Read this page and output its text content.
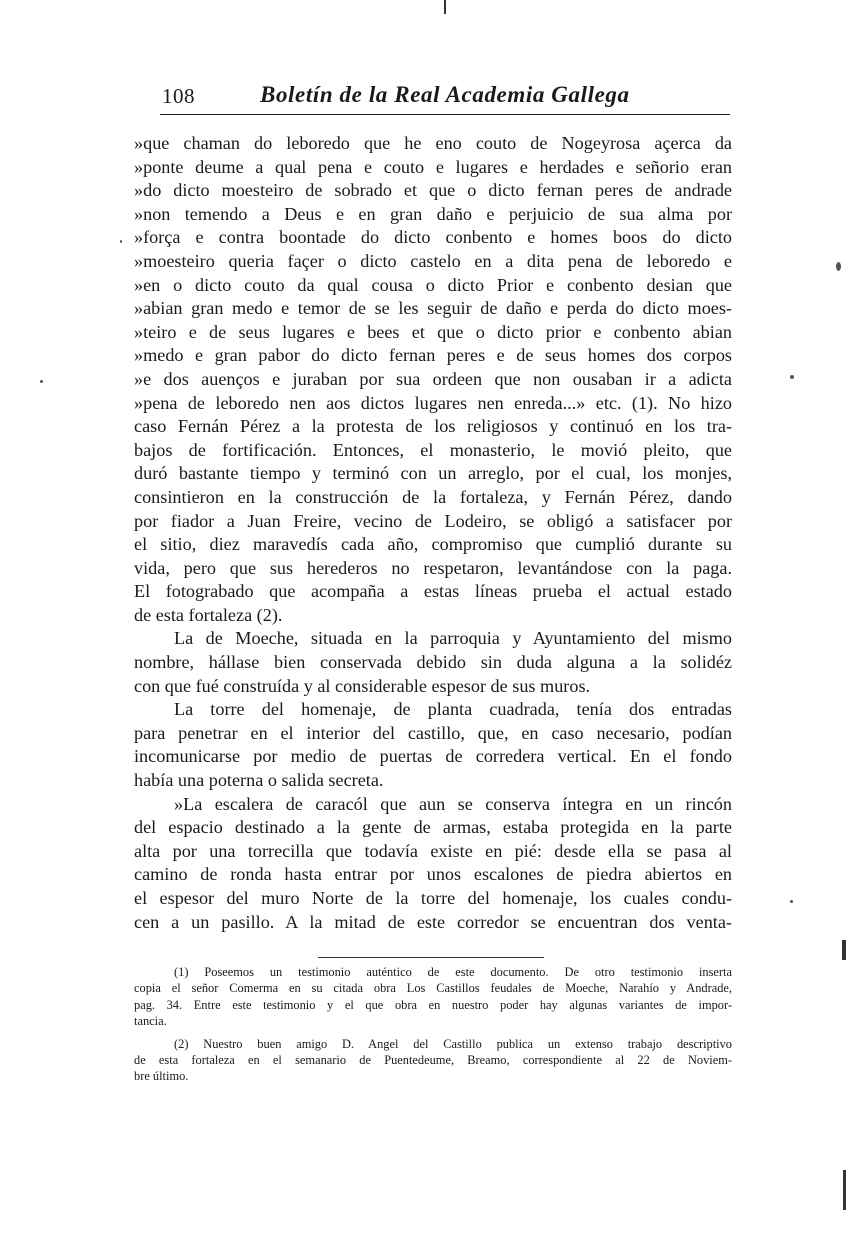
108	Boletín de la Real Academia Gallega
»que chaman do leboredo que he eno couto de Nogeyrosa açerca da
»ponte deume a qual pena e couto e lugares e herdades e señorio eran
»do dicto moesteiro de sobrado et que o dicto fernan peres de andrade
»non temendo a Deus e en gran daño e perjuicio de sua alma por
»força e contra boontade do dicto conbento e homes boos do dicto
»moesteiro queria façer o dicto castelo en a dita pena de leboredo e
»en o dicto couto da qual cousa o dicto Prior e conbento desian que
»abian gran medo e temor de se les seguir de daño e perda do dicto moes-
»teiro e de seus lugares e bees et que o dicto prior e conbento abian
»medo e gran pabor do dicto fernan peres e de seus homes dos corpos
»e dos auenços e juraban por sua ordeen que non ousaban ir a adicta
»pena de leboredo nen aos dictos lugares nen enreda...» etc. (1). No hizo
caso Fernán Pérez a la protesta de los religiosos y continuó en los tra-
bajos de fortificación. Entonces, el monasterio, le movió pleito, que
duró bastante tiempo y terminó con un arreglo, por el cual, los monjes,
consintieron en la construcción de la fortaleza, y Fernán Pérez, dando
por fiador a Juan Freire, vecino de Lodeiro, se obligó a satisfacer por
el sitio, diez maravedís cada año, compromiso que cumplió durante su
vida, pero que sus herederos no respetaron, levantándose con la paga.
El fotograbado que acompaña a estas líneas prueba el actual estado
de esta fortaleza (2).
La de Moeche, situada en la parroquia y Ayuntamiento del mismo
nombre, hállase bien conservada debido sin duda alguna a la solidéz
con que fué construída y al considerable espesor de sus muros.
La torre del homenaje, de planta cuadrada, tenía dos entradas
para penetrar en el interior del castillo, que, en caso necesario, podían
incomunicarse por medio de puertas de corredera vertical. En el fondo
había una poterna o salida secreta.
»La escalera de caracól que aun se conserva íntegra en un rincón
del espacio destinado a la gente de armas, estaba protegida en la parte
alta por una torrecilla que todavía existe en pié: desde ella se pasa al
camino de ronda hasta entrar por unos escalones de piedra abiertos en
el espesor del muro Norte de la torre del homenaje, los cuales condu-
cen a un pasillo. A la mitad de este corredor se encuentran dos venta-
(1) Poseemos un testimonio auténtico de este documento. De otro testimonio inserta
copia el señor Comerma en su citada obra Los Castillos feudales de Moeche, Narahío y Andrade,
pag. 34. Entre este testimonio y el que obra en nuestro poder hay algunas variantes de impor-
tancia.
(2) Nuestro buen amigo D. Angel del Castillo publica un extenso trabajo descriptivo
de esta fortaleza en el semanario de Puentedeume, Breamo, correspondiente al 22 de Noviem-
bre último.
